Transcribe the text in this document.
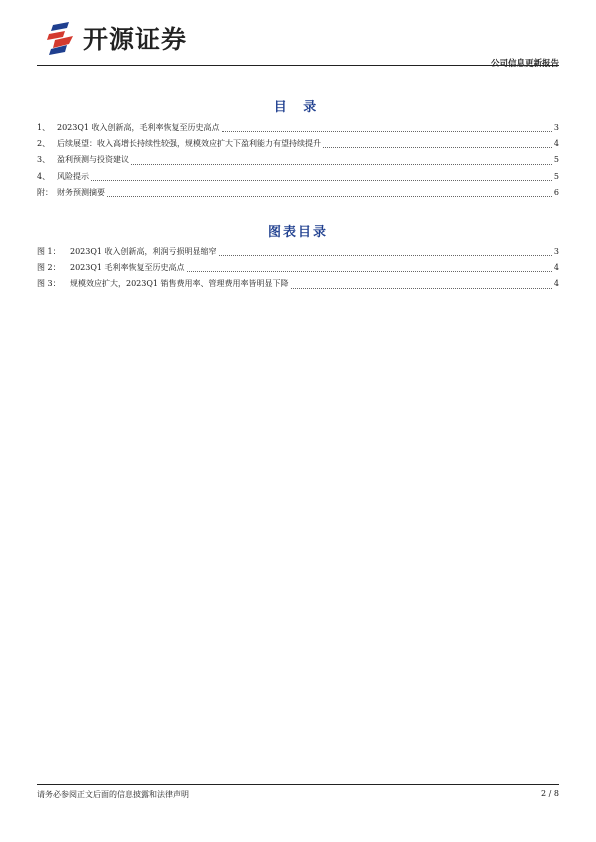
开源证券
公司信息更新报告
目 录
1、 2023Q1 收入创新高，毛利率恢复至历史高点	3
2、 后续展望：收入高增长持续性较强，规模效应扩大下盈利能力有望持续提升	4
3、 盈利预测与投资建议	5
4、 风险提示	5
附： 财务预测摘要	6
图表目录
图 1：	2023Q1 收入创新高，利润亏损明显缩窄	3
图 2：	2023Q1 毛利率恢复至历史高点	4
图 3：	规模效应扩大，2023Q1 销售费用率、管理费用率皆明显下降	4
请务必参阅正文后面的信息披露和法律声明	2 / 8
